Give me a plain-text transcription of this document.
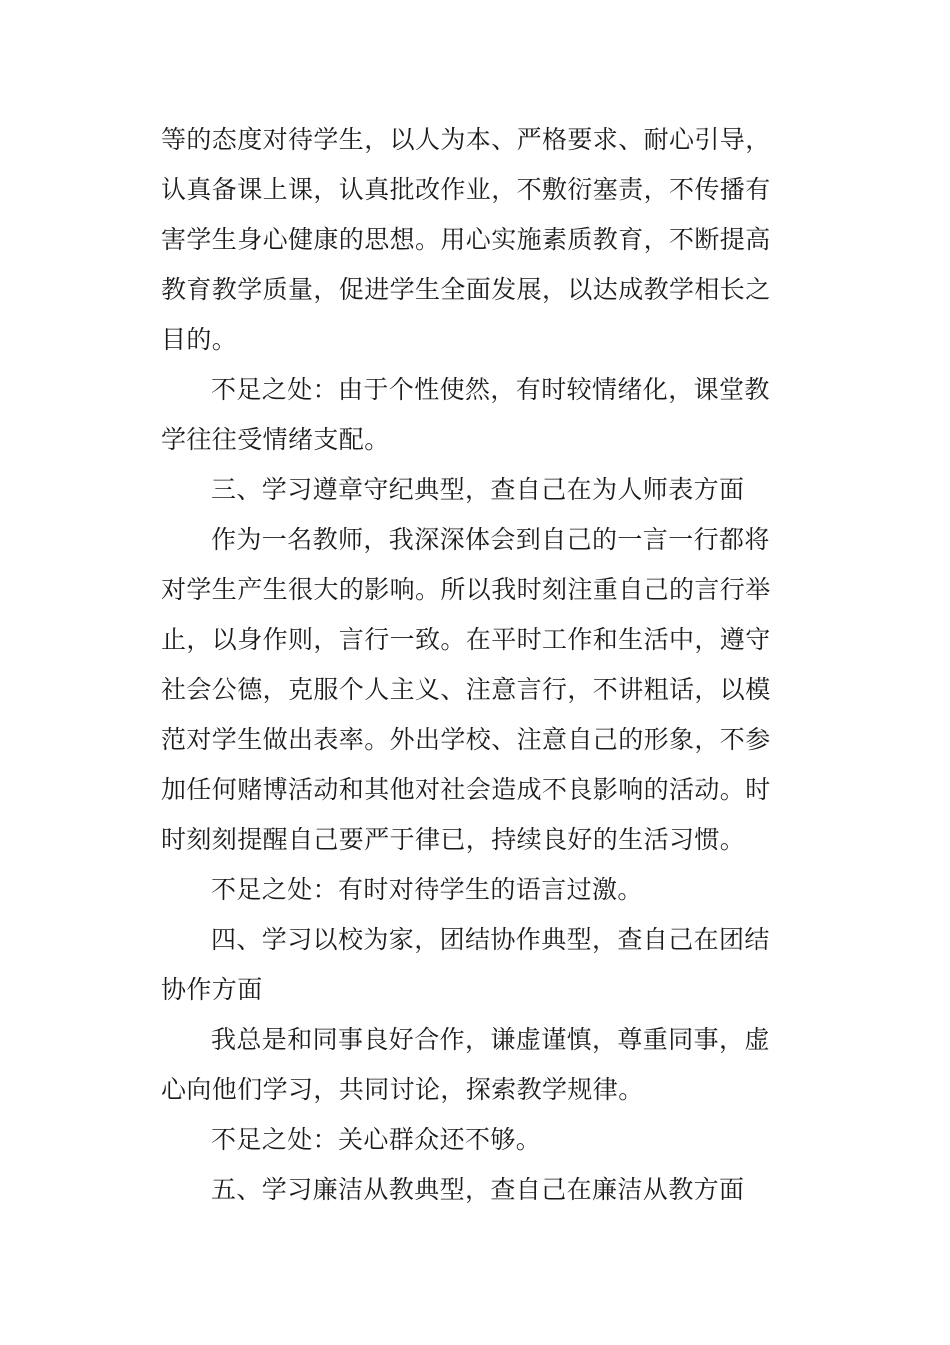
等的态度对待学生，以人为本、严格要求、耐心引导，
认真备课上课，认真批改作业，不敷衍塞责，不传播有
害学生身心健康的思想。用心实施素质教育，不断提高
教育教学质量，促进学生全面发展，以达成教学相长之
目的。
不足之处：由于个性使然，有时较情绪化，课堂教
学往往受情绪支配。
三、学习遵章守纪典型，查自己在为人师表方面
作为一名教师，我深深体会到自己的一言一行都将
对学生产生很大的影响。所以我时刻注重自己的言行举
止，以身作则，言行一致。在平时工作和生活中，遵守
社会公德，克服个人主义、注意言行，不讲粗话，以模
范对学生做出表率。外出学校、注意自己的形象，不参
加任何赌博活动和其他对社会造成不良影响的活动。时
时刻刻提醒自己要严于律已，持续良好的生活习惯。
不足之处：有时对待学生的语言过激。
四、学习以校为家，团结协作典型，查自己在团结
协作方面
我总是和同事良好合作，谦虚谨慎，尊重同事，虚
心向他们学习，共同讨论，探索教学规律。
不足之处：关心群众还不够。
五、学习廉洁从教典型，查自己在廉洁从教方面
